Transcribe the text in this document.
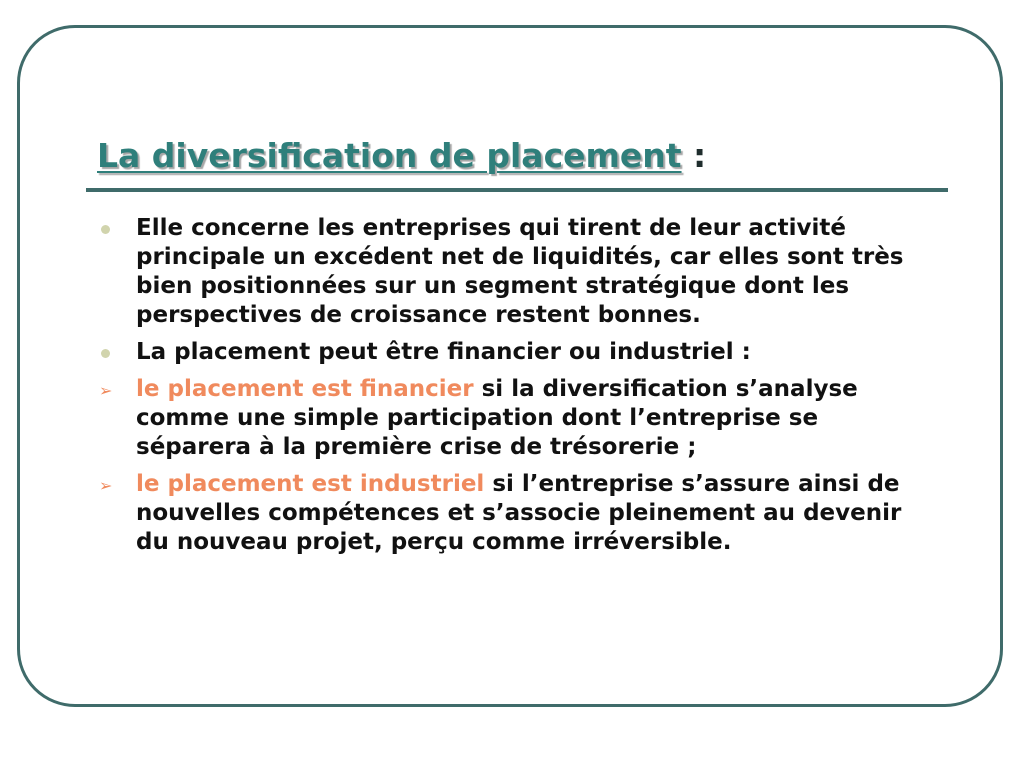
La diversification de placement :
Elle concerne les entreprises qui tirent de leur activité principale un excédent net de liquidités, car elles sont très bien positionnées sur un segment stratégique dont les perspectives de croissance restent bonnes.
La placement peut être financier ou industriel :
➢ le placement est financier si la diversification s’analyse comme une simple participation dont l’entreprise se séparera à la première crise de trésorerie ;
➢ le placement est industriel si l’entreprise s’assure ainsi de nouvelles compétences et s’associe pleinement au devenir du nouveau projet, perçu comme irréversible.
